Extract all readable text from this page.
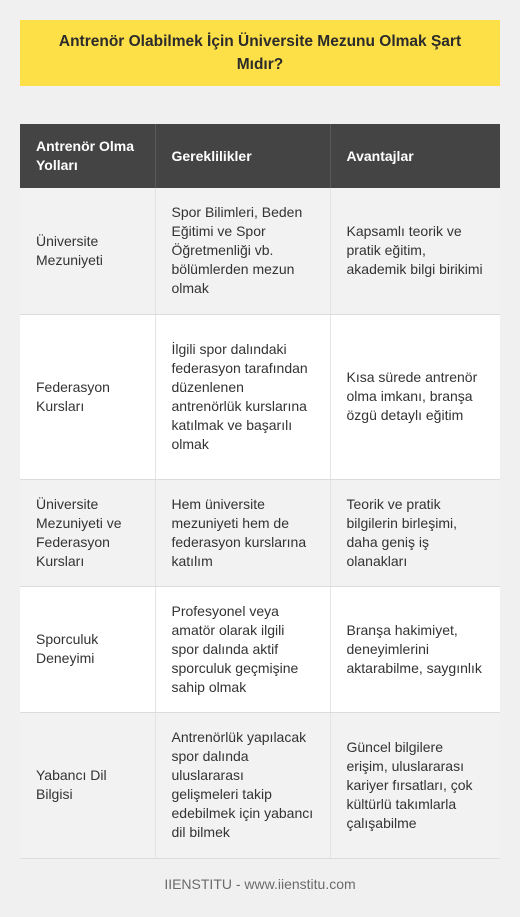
Antrenör Olabilmek İçin Üniversite Mezunu Olmak Şart Mıdır?
Antrenör Olma Yolları	Gereklilikler	Avantajlar
Üniversite Mezuniyeti	Spor Bilimleri, Beden Eğitimi ve Spor Öğretmenliği vb. bölümlerden mezun olmak	Kapsamlı teorik ve pratik eğitim, akademik bilgi birikimi
Federasyon Kursları	İlgili spor dalındaki federasyon tarafından düzenlenen antrenörlük kurslarına katılmak ve başarılı olmak	Kısa sürede antrenör olma imkanı, branşa özgü detaylı eğitim
Üniversite Mezuniyeti ve Federasyon Kursları	Hem üniversite mezuniyeti hem de federasyon kurslarına katılım	Teorik ve pratik bilgilerin birleşimi, daha geniş iş olanakları
Sporculuk Deneyimi	Profesyonel veya amatör olarak ilgili spor dalında aktif sporculuk geçmişine sahip olmak	Branşa hakimiyet, deneyimlerini aktarabilme, saygınlık
Yabancı Dil Bilgisi	Antrenörlük yapılacak spor dalında uluslararası gelişmeleri takip edebilmek için yabancı dil bilmek	Güncel bilgilere erişim, uluslararası kariyer fırsatları, çok kültürlü takımlarla çalışabilme
IIENSTITU - www.iienstitu.com
